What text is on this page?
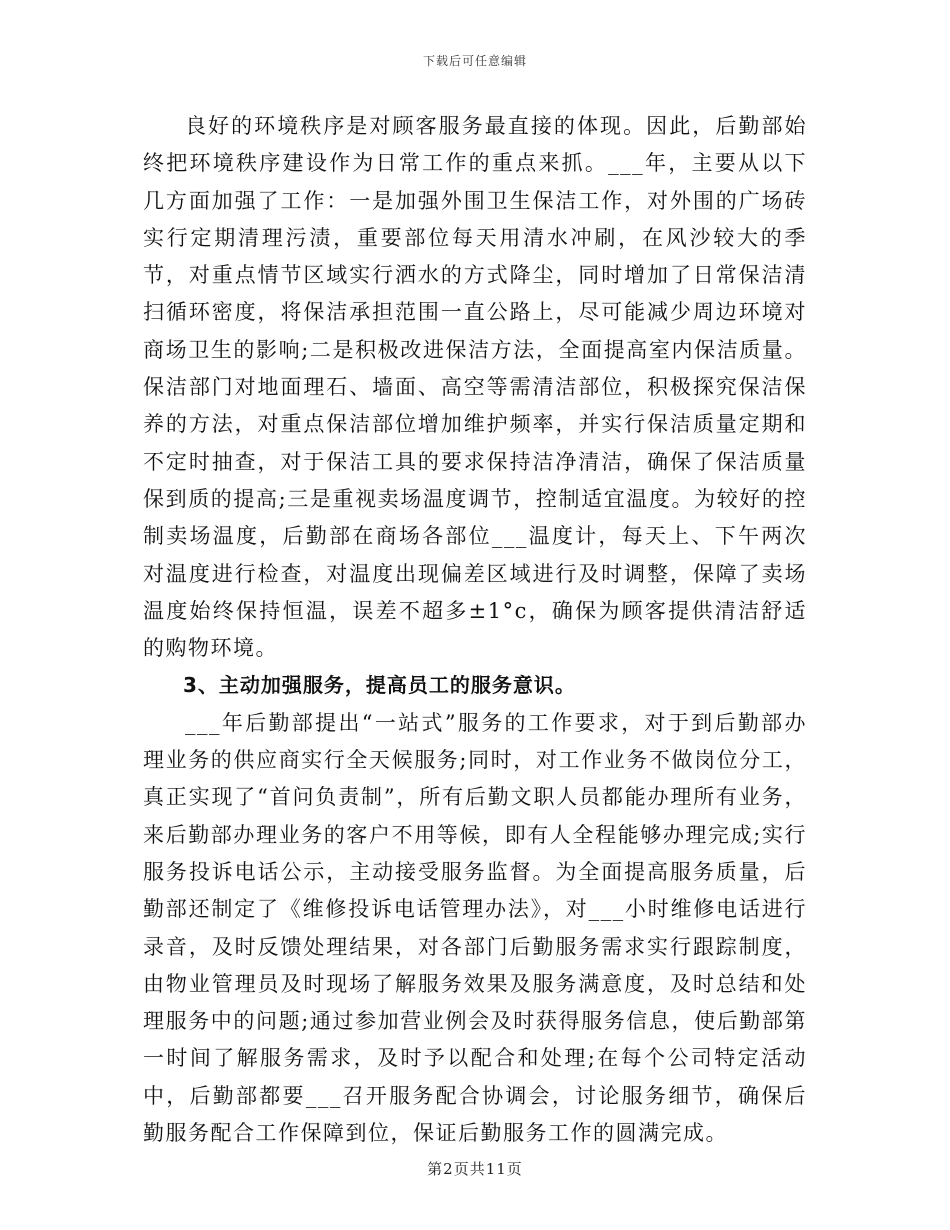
下载后可任意编辑

良好的环境秩序是对顾客服务最直接的体现。因此，后勤部始终把环境秩序建设作为日常工作的重点来抓。___年，主要从以下几方面加强了工作：一是加强外围卫生保洁工作，对外围的广场砖实行定期清理污渍，重要部位每天用清水冲刷，在风沙较大的季节，对重点情节区域实行洒水的方式降尘，同时增加了日常保洁清扫循环密度，将保洁承担范围一直公路上，尽可能减少周边环境对商场卫生的影响;二是积极改进保洁方法，全面提高室内保洁质量。保洁部门对地面理石、墙面、高空等需清洁部位，积极探究保洁保养的方法，对重点保洁部位增加维护频率，并实行保洁质量定期和不定时抽查，对于保洁工具的要求保持洁净清洁，确保了保洁质量保到质的提高;三是重视卖场温度调节，控制适宜温度。为较好的控制卖场温度，后勤部在商场各部位___温度计，每天上、下午两次对温度进行检查，对温度出现偏差区域进行及时调整，保障了卖场温度始终保持恒温，误差不超多±1°c，确保为顾客提供清洁舒适的购物环境。

3、主动加强服务，提高员工的服务意识。

___年后勤部提出“一站式”服务的工作要求，对于到后勤部办理业务的供应商实行全天候服务;同时，对工作业务不做岗位分工，真正实现了“首问负责制”，所有后勤文职人员都能办理所有业务，来后勤部办理业务的客户不用等候，即有人全程能够办理完成;实行服务投诉电话公示，主动接受服务监督。为全面提高服务质量，后勤部还制定了《维修投诉电话管理办法》，对___小时维修电话进行录音，及时反馈处理结果，对各部门后勤服务需求实行跟踪制度，由物业管理员及时现场了解服务效果及服务满意度，及时总结和处理服务中的问题;通过参加营业例会及时获得服务信息，使后勤部第一时间了解服务需求，及时予以配合和处理;在每个公司特定活动中，后勤部都要___召开服务配合协调会，讨论服务细节，确保后勤服务配合工作保障到位，保证后勤服务工作的圆满完成。

第2页共11页
